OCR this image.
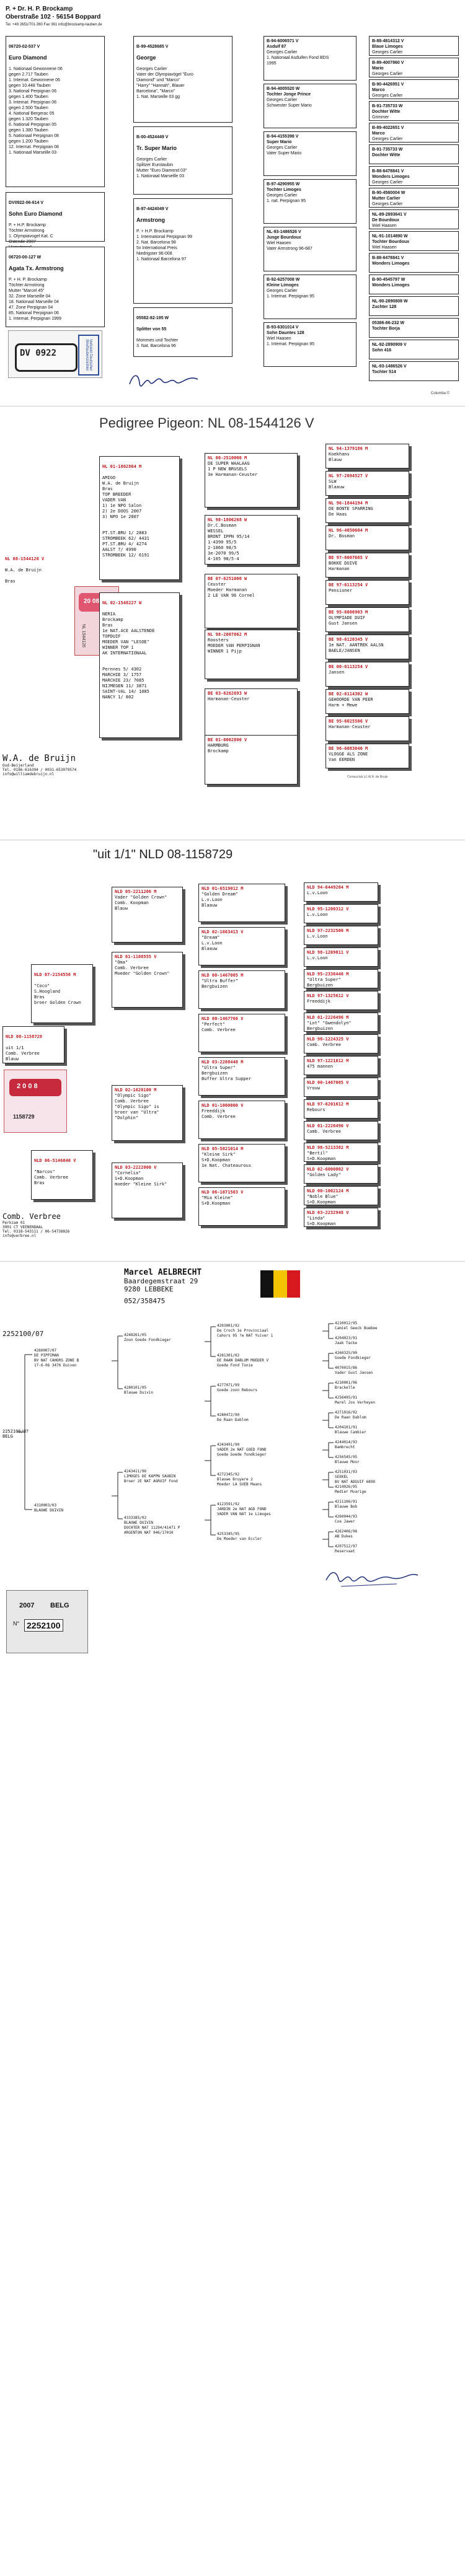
P. + Dr. H. P. Brockamp
Oberstraße 102 · 56154 Boppard
Tel. +49 2651/701-360 Fax 361 info@brockamp-tauben.de

06720-02-537 V

Euro Diamond

1. Nationaal Gewonnene 06
gegen 2.717 Tauben
1. Internat. Gewonnene 06
gegen 10.448 Tauben
3. National Perpignan 06
gegen 1.400 Tauben
3. Internat. Perpignan 06
gegen 2.500 Tauben
4. National Bergerac 05
gegen 1.320 Tauben
6. National Perpignan 05
gegen 1.380 Tauben
5. Nationaal Perpignan 08
gegen 1.200 Tauben
12. Internat. Perpignan 08
1. Nationaal Marseille 03

DV0922-06-614 V

Sohn Euro Diamond

P. + H.P. Brockamp
Töchter Armstrong
1. Olympiavogel Kat. C
Ostende 2007

06720-00-127 W

Agata Tx. Armstrong

P. + H. P. Brockamp
Töchter Armstrong
Mutter "Marcel 45"
32. Zone Marseille 04
18. Nationaal Marseille 04
47. Zone Perpignan 04
85. National Perpignan 06
1. Internat. Perpignan 1999

DV 0922	Verband Deutscher Brieftaubenzüchter

B-99-4528685 V

George

Georges Carlier
Vater der Olympiavögel "Euro
Diamond" und "Marco"
"Harry" "Hannah", Blauer
Barcelona", "Marco"
1. Nat. Marseille 03 gg

B-00-4524449 V

Tr. Super Mario

Georges Carlier
Splitzer Eurotaubin
Mutter "Euro Diamond 03"
1. Nationaal Marseille 03

B-97-4424049 V

Armstrong

P. + H.P. Brockamp
1. International Perpignan 99
2. Nat. Barcelona 98
5x International Preis
Niedrigster 96-008
1. Nationaal Barcelona 97

05582-92-195 W

Splitter von 55

Mommes und Tochter
3. Nat. Barcelona 96

B-94-6006571 V
Asduif 87
Georges Carlier
1. Nationaal Asduifen Fond BDS
1995
B-94-4005520 W
Tochter Jonge Prince
Georges Carlier
Schwester Super Mario
B-94-4155398 V
Super Mario
Georges Carlier
Vater Super Mario
B-97-4290955 W
Tochter Limoges
Georges Carlier
1. nat. Perpignan 95
NL-93-1486526 V
Junge Bourdoux
Wiel Haasen
Vater Armstrong 96-687
B-92-6257008 W
Kleine Limoges
Georges Carlier
1. Internat. Perpignan 95
B-93-6301014 V
Sohn Dauntes 128
Wiel Haasen
1. Internat. Perpignan 95
B-88-4814312 V
Blaue Limoges
Georges Carlier
B-89-4007860 V
Mario
Georges Carlier
B-90-4426951 V
Marco
Georges Carlier
B-91-735733 W
Dochter Witte
Grimmer
B-89-4022651 V
Marco
Georges Carlier
B-91-735733 W
Dochter Witte
B-88-6478841 V
Wonders Limoges
Georges Carlier
B-90-4580004 W
Mutter Carlier
Georges Carlier
NL-89-2893641 V
De Bourdoux
Wiel Haasen
NL-91-1014890 W
Tochter Bourdoux
Wiel Haasen
B-88-6478841 V
Wonders Limoges
B-90-4545797 W
Wonders Limoges
NL-90-2890808 W
Zuchter 128
05386-86-232 W
Tochter Borja
NL-92-2890909 V
Sohn 416
NL-93-1486526 V
Tochter 514
Columba ©
Pedigree Pigeon: NL 08-1544126 V

NL 08-1544126 V

W.A. de Bruijn

Bras

20 08
NL 1544126

NL 01-1802864 M

AMIGO
W.A. de Bruijn
Bras
TOP BREEDER
VADER VAN
1) 1e NPO Salon
2) 2e DOOS 2007
3) NPO 1e 2007

PT.ST.BRU 1/ 2883
STROMBEEK 62/ 4431
PT.ST.BRU 4/ 4274
AALST 7/ 4990
STROMBEEK 12/ 6191

NL 02-1548227 W

NERIA
Brockamp
Bras
1e NAT.ACE AALSTENDE
TOPDUIF
MOEDER VAN "LESOE"
WINNER TOP 1
AK INTERNATIONAAL

Pernnes 5/ 4302
MARCHIE 3/ 1757
MARCHIE 23/ 7085
NIJMEGEN 11/ 3871
SAINT-VAL 14/ 1085
NANCY 1/ 802

NL 00-2510000 M
DE SUPER WAALAAG
1 P NEW BRUSELS
3e Harmanan-Ceuster
NL 98-1806268 W
Dr.C.Bosman
WESSEL
BRONT IPPN 95/14
1-4390 95/5
2-1060 98/5
3e-2070 99/5
4-105 98/5-4
BE 07-6251000 W
Ceuster
Moeder Harmanan
2 LE VAN 96 Cornel
NL 98-2007862 M
Roosters
MOEDER VAN PERPIGNAN
WINNER 1 Pijp
BE 03-6262693 W
Harmanan-Ceuster
BE 01-6062806 V
HARMBURG
Brockamp
NL 94-1379186 M
Koekhans
Blauw
NL 97-2094527 V
SLW
Blaauw
NL 96-1844194 M
DE BONTE SPARRING
De Haas
NL 96-4050604 M
Dr. Bosman
BE 97-6007665 V
BOKKE DUIVE
Harmanan
BE 97-6113254 V
Pensioner
BE 95-6006903 M
OLYMPIADE DUIF
Gust Jansen
BE 98-6120345 V
1e NAT. AANTREK AALSN
BAELE/JANSEN
BE 00-6113254 V
Jansen
BE 02-6114302 W
GEHOORDE VAN PEER
Harm + Mewe
BE 95-6025506 V
Harmanan-Ceuster
BE 96-6083040 M
VLOGGE ALS ZONE
Van EERDEN
W.A. de Bruijn
Oud-Beijerland
Tel. 0186-616394 / 0031-653079574
info@williamdebruijn.nl
Compuclub (c) W.A. de Bruijn
"uit 1/1" NLD 08-1158729

NLD 07-2154556 M

"Coco"
S.Hoogland
Bras
broer Golden Crown

NLD 08-1158729

uit 1/1
Comb. Verbree
Blauw

2 0 0 8
1158729

NLD 06-5146040 V

"Narcos"
Comb. Verbree
Bras

NLD 05-2211206 M
Vader "Golden Crown"
Comb. Koopman
Blauw
NLD 01-1108555 V
"Oma"
Comb. Verbree
Moeder "Golden Crown"
NLD 02-1620100 M
"Olympic Sigo"
Comb. Verbree
"Olympic Sigo" is
broer van "Ultra"
"Dolphin"
NLD 03-2222000 V
"Cornelia"
S+D.Koopman
moeder "Kleine Sirk"
NLD 01-6519012 M
"Golden Dream"
L.v.Loon
Blaauw
NLD 02-1663413 V
"Dream"
L.v.Loon
Blaauw
NLD 00-1467005 M
"Ultra Buffer"
Bergbuizen
NLD 00-1467766 V
"Perfect"
Comb. Verbree
NLD 03-2208448 M
"Ultra Super"
Bergbuizen
Buffer Ultra Supper
NLD 01-1000000 V
Freeddijk
Comb. Verbree
NLD 05-5821014 M
"Kleine Sirk"
S+D.Koopman
1e Nat. Chateauroux
NLD 06-1071503 V
"Mia Kleine"
S+D.Koopman
NLD 94-6449204 M
L.v.Loon
NLD 95-1200312 V
L.v.Loon
NLD 97-2232506 M
L.v.Loon
NLD 98-1209011 V
L.v.Loon
NLD 95-2336446 M
"Ultra Super"
Bergbuizen
NLD 97-1325612 V
Freeddijk
NLD 01-2226496 M
"Lot" "Gwendolyn"
Bergbuizen
NLD 98-1224325 V
Comb. Verbree
NLD 97-1221612 M
475 mannen
NLD 00-1467005 V
Vrouw
NLD 97-6201612 M
Rebours
NLD 01-2226496 V
Comb. Verbree
NLD 98-5213382 M
"Bertil"
S+D.Koopman
NLD 02-6000002 V
"Golden Lady"
NLD 00-1002124 M
"Noble Blue"
S+D.Koopman
NLD 03-2232948 V
"Linda"
S+D.Koopman
Comb. Verbree
Perkiam 01
3901 CT VEENENDAAL
Tel. 0318-543111 / 06-54738826
info@verbree.nl
Marcel AELBRECHT
Baardegemstraat 29
9280 LEBBEKE
052/358475
2252100/07
2252100/07
BELG
4260007/07
DE PIPPIMAN
BV NAT CAHORS ZONE B
17-6-06 3476 Duiven
4310003/03
BLAUWE DUIVIN
4248261/05
Zoon Goede Fondkieger
4280101/05
Blauwe Duivin
4243411/96
LIMOGES DE KAPPN SAUBIN
Broer 2E NAT AGRUIF Fond
4333385/02
BLAUWE DUIVIN
DOCHTER NAT 11294/41471 P
ARGENTON NAT 946/17010
4203001/92
De Croch 1e Provinciaal
Cahors 95 ?e NAT Yuiver 1
4281301/02
DE RAAN DABLOM MOEDER V
Goede Fond Tonie
4277071/99
Goede zoon Rebours
4280472/90
De Raan Dablom
4243491/90
VADER 2e NAT GOED FOND
Goede Goede fondkieger
4272345/92
Blauwe Bruyere 2
Moeder LA SUEB Maans
4123591/92
JARDIN 2e NAT AGD FOND
VADER VAN NAT 1e Limoges
4253345/95
De Moeder van Eccler
4210012/95
Camiel Geeck Buebee
4204023/91
Jaak Tacke
4260325/90
Goede Fondkieger
4070015/86
Vader Gust Jansen
4210001/96
Brackelle
4256495/91
Marel Jos Verheyen
4271016/92
De Raan Dablom
4204101/91
Blauwe Cambier
4244014/93
Bambrecht
4256545/95
Blauwe Moor
4251031/93
SEEKEL
BV NAT ADGUIF 6898
4214026/95
Medier Mvarige
4211106/91
Blauwe Bob
4260044/93
Coa Jawer
4262406/98
AB Dukes
4207512/97
Reservaat
2007 BELG
N° 2252100
